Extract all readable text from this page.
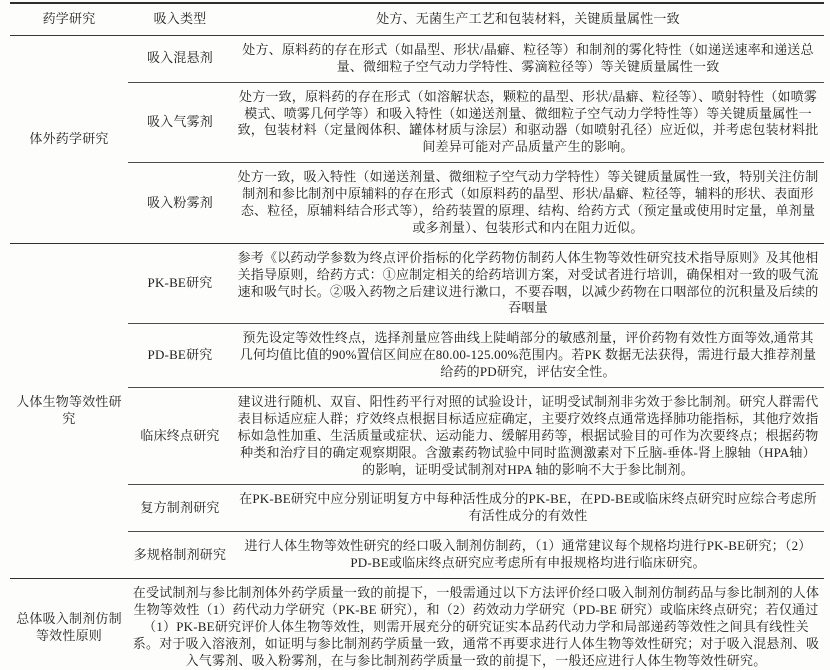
药学研究	吸入类型	处方、无菌生产工艺和包装材料，关键质量属性一致
体外药学研究	吸入混悬剂	处方、原料药的存在形式（如晶型、形状/晶癖、粒径等）和制剂的雾化特性（如递送速率和递送总量、微细粒子空气动力学特性、雾滴粒径等）等关键质量属性一致
	吸入气雾剂	处方一致，原料药的存在形式（如溶解状态，颗粒的晶型、形状/晶癖、粒径等）、喷射特性（如喷雾模式、喷雾几何学等）和吸入特性（如递送剂量、微细粒子空气动力学特性等）等关键质量属性一致，包装材料（定量阀体积、罐体材质与涂层）和驱动器（如喷射孔径）应近似，并考虑包装材料批间差异可能对产品质量产生的影响。
	吸入粉雾剂	处方一致，吸入特性（如递送剂量、微细粒子空气动力学特性）等关键质量属性一致，特别关注仿制制剂和参比制剂中原辅料的存在形式（如原料药的晶型、形状/晶癖、粒径等，辅料的形状、表面形态、粒径，原辅料结合形式等），给药装置的原理、结构、给药方式（预定量或使用时定量，单剂量或多剂量）、包装形式和内在阻力近似。
人体生物等效性研究	PK-BE研究	参考《以药动学参数为终点评价指标的化学药物仿制药人体生物等效性研究技术指导原则》及其他相关指导原则，给药方式：①应制定相关的给药培训方案，对受试者进行培训，确保相对一致的吸气流速和吸气时长。②吸入药物之后建议进行漱口，不要吞咽，以减少药物在口咽部位的沉积量及后续的吞咽量
	PD-BE研究	预先设定等效性终点，选择剂量应答曲线上陡峭部分的敏感剂量，评价药物有效性方面等效,通常其几何均值比值的90%置信区间应在80.00-125.00%范围内。若PK 数据无法获得，需进行最大推荐剂量给药的PD研究，评估安全性。
	临床终点研究	建议进行随机、双盲、阳性药平行对照的试验设计，证明受试制剂非劣效于参比制剂。研究人群需代表目标适应症人群；疗效终点根据目标适应症确定，主要疗效终点通常选择肺功能指标，其他疗效指标如急性加重、生活质量或症状、运动能力、缓解用药等，根据试验目的可作为次要终点；根据药物种类和治疗目的确定观察期限。含激素药物试验中同时监测激素对下丘脑-垂体-肾上腺轴（HPA轴）的影响，证明受试制剂对HPA 轴的影响不大于参比制剂。
	复方制剂研究	在PK-BE研究中应分别证明复方中每种活性成分的PK-BE，在PD-BE或临床终点研究时应综合考虑所有活性成分的有效性
	多规格制剂研究	进行人体生物等效性研究的经口吸入制剂仿制药，（1）通常建议每个规格均进行PK-BE研究；（2）PD-BE或临床终点研究应考虑所有申报规格均进行临床研究。
总体吸入制剂仿制等效性原则	在受试制剂与参比制剂体外药学质量一致的前提下，一般需通过以下方法评价经口吸入制剂仿制药品与参比制剂的人体生物等效性（1）药代动力学研究（PK-BE 研究），和（2）药效动力学研究（PD-BE 研究）或临床终点研究；若仅通过（1）PK-BE研究评价人体生物等效性，则需开展充分的研究证实本品药代动力学和局部递药等效性之间具有线性关系。对于吸入溶液剂，如证明与参比制剂药学质量一致，通常不再要求进行人体生物等效性研究；对于吸入混悬剂、吸入气雾剂、吸入粉雾剂，在与参比制剂药学质量一致的前提下，一般还应进行人体生物等效性研究。	
